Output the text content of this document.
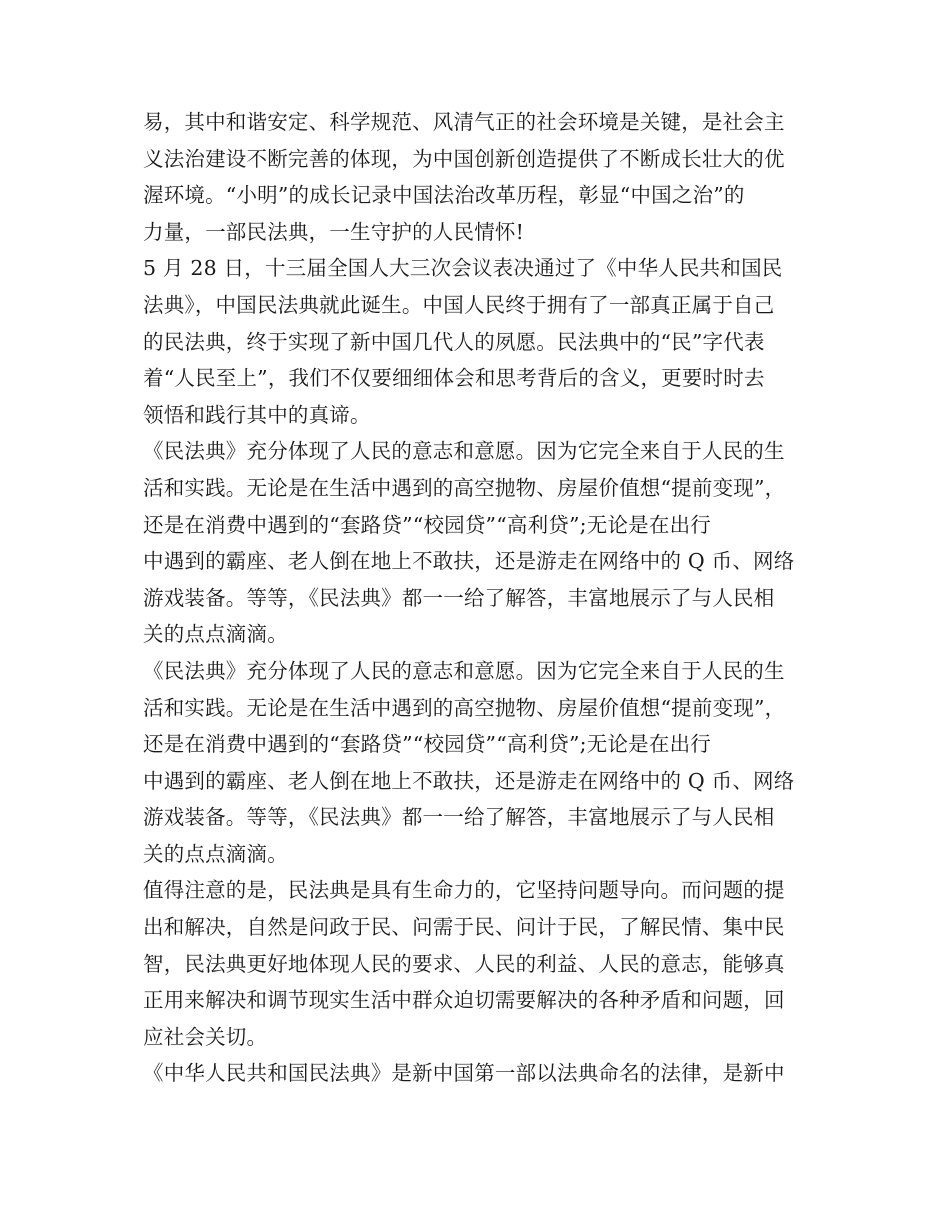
易，其中和谐安定、科学规范、风清气正的社会环境是关键，是社会主
义法治建设不断完善的体现，为中国创新创造提供了不断成长壮大的优
渥环境。“小明”的成长记录中国法治改革历程，彰显“中国之治”的
力量，一部民法典，一生守护的人民情怀!
5 月 28 日，十三届全国人大三次会议表决通过了《中华人民共和国民
法典》，中国民法典就此诞生。中国人民终于拥有了一部真正属于自己
的民法典，终于实现了新中国几代人的夙愿。民法典中的“民”字代表
着“人民至上”，我们不仅要细细体会和思考背后的含义，更要时时去
领悟和践行其中的真谛。
《民法典》充分体现了人民的意志和意愿。因为它完全来自于人民的生
活和实践。无论是在生活中遇到的高空抛物、房屋价值想“提前变现”，
还是在消费中遇到的“套路贷”“校园贷”“高利贷”;无论是在出行
中遇到的霸座、老人倒在地上不敢扶，还是游走在网络中的 Q 币、网络
游戏装备。等等，《民法典》都一一给了解答，丰富地展示了与人民相
关的点点滴滴。
《民法典》充分体现了人民的意志和意愿。因为它完全来自于人民的生
活和实践。无论是在生活中遇到的高空抛物、房屋价值想“提前变现”，
还是在消费中遇到的“套路贷”“校园贷”“高利贷”;无论是在出行
中遇到的霸座、老人倒在地上不敢扶，还是游走在网络中的 Q 币、网络
游戏装备。等等，《民法典》都一一给了解答，丰富地展示了与人民相
关的点点滴滴。
值得注意的是，民法典是具有生命力的，它坚持问题导向。而问题的提
出和解决，自然是问政于民、问需于民、问计于民，了解民情、集中民
智，民法典更好地体现人民的要求、人民的利益、人民的意志，能够真
正用来解决和调节现实生活中群众迫切需要解决的各种矛盾和问题，回
应社会关切。
《中华人民共和国民法典》是新中国第一部以法典命名的法律，是新中
